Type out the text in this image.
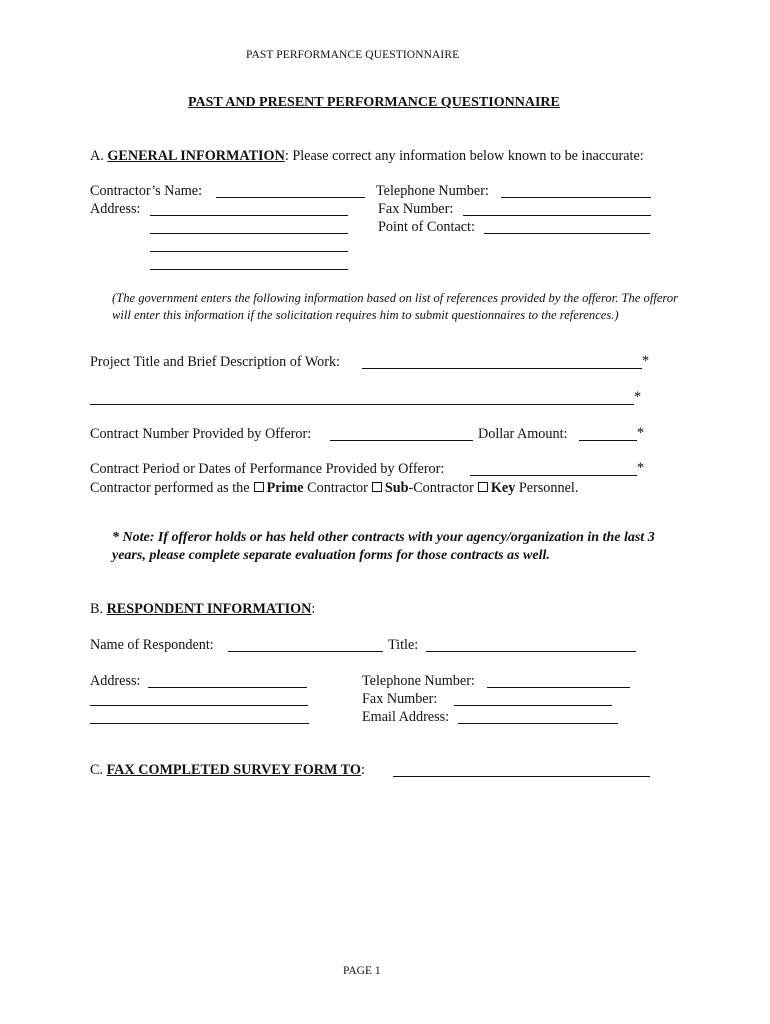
PAST PERFORMANCE QUESTIONNAIRE
PAST AND PRESENT PERFORMANCE QUESTIONNAIRE
A. GENERAL INFORMATION: Please correct any information below known to be inaccurate:
Contractor’s Name:	Telephone Number:
Address:	Fax Number:
Point of Contact:
(The government enters the following information based on list of references provided by the offeror. The offeror will enter this information if the solicitation requires him to submit questionnaires to the references.)
Project Title and Brief Description of Work:	*
*
Contract Number Provided by Offeror:	Dollar Amount:	*
Contract Period or Dates of Performance Provided by Offeror:	*
Contractor performed as the Prime Contractor Sub-Contractor Key Personnel.
* Note: If offeror holds or has held other contracts with your agency/organization in the last 3 years, please complete separate evaluation forms for those contracts as well.
B. RESPONDENT INFORMATION:
Name of Respondent:	Title:
Address:	Telephone Number:
Fax Number:
Email Address:
C. FAX COMPLETED SURVEY FORM TO:
PAGE 1
